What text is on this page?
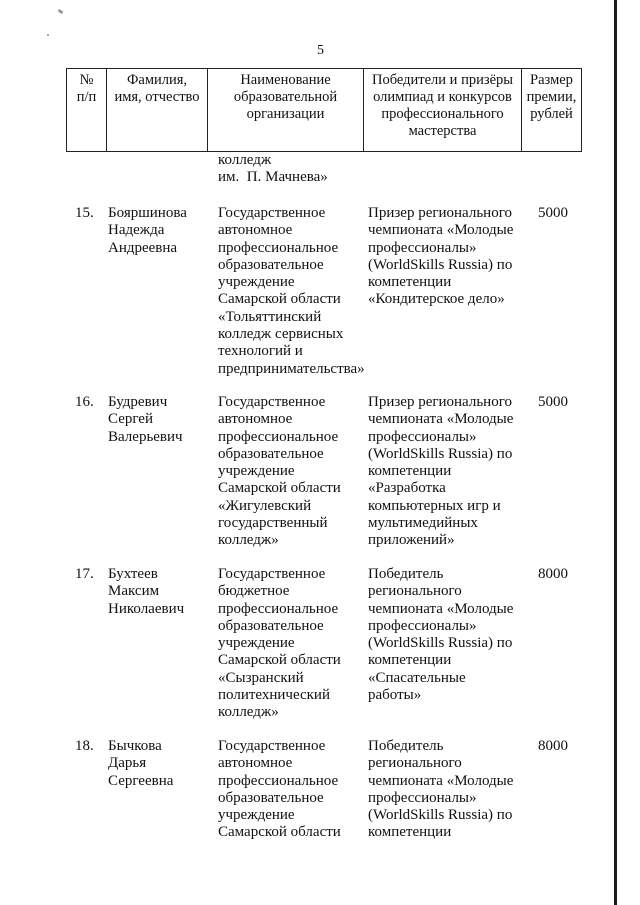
5
№
п/п
Фамилия,
имя, отчество
Наименование
образовательной
организации
Победители и призёры
олимпиад и конкурсов
профессионального
мастерства
Размер
премии,
рублей
колледж
им.  П. Мачнева»
15. Бояршинова
Надежда
Андреевна
Государственное
автономное
профессиональное
образовательное
учреждение
Самарской области
«Тольяттинский
колледж сервисных
технологий и
предпринимательства»
Призер регионального
чемпионата «Молодые
профессионалы»
(WorldSkills Russia) по
компетенции
«Кондитерское дело»
5000
16. Будревич
Сергей
Валерьевич
Государственное
автономное
профессиональное
образовательное
учреждение
Самарской области
«Жигулевский
государственный
колледж»
Призер регионального
чемпионата «Молодые
профессионалы»
(WorldSkills Russia) по
компетенции
«Разработка
компьютерных игр и
мультимедийных
приложений»
5000
17. Бухтеев
Максим
Николаевич
Государственное
бюджетное
профессиональное
образовательное
учреждение
Самарской области
«Сызранский
политехнический
колледж»
Победитель
регионального
чемпионата «Молодые
профессионалы»
(WorldSkills Russia) по
компетенции
«Спасательные
работы»
8000
18. Бычкова
Дарья
Сергеевна
Государственное
автономное
профессиональное
образовательное
учреждение
Самарской области
Победитель
регионального
чемпионата «Молодые
профессионалы»
(WorldSkills Russia) по
компетенции
8000
